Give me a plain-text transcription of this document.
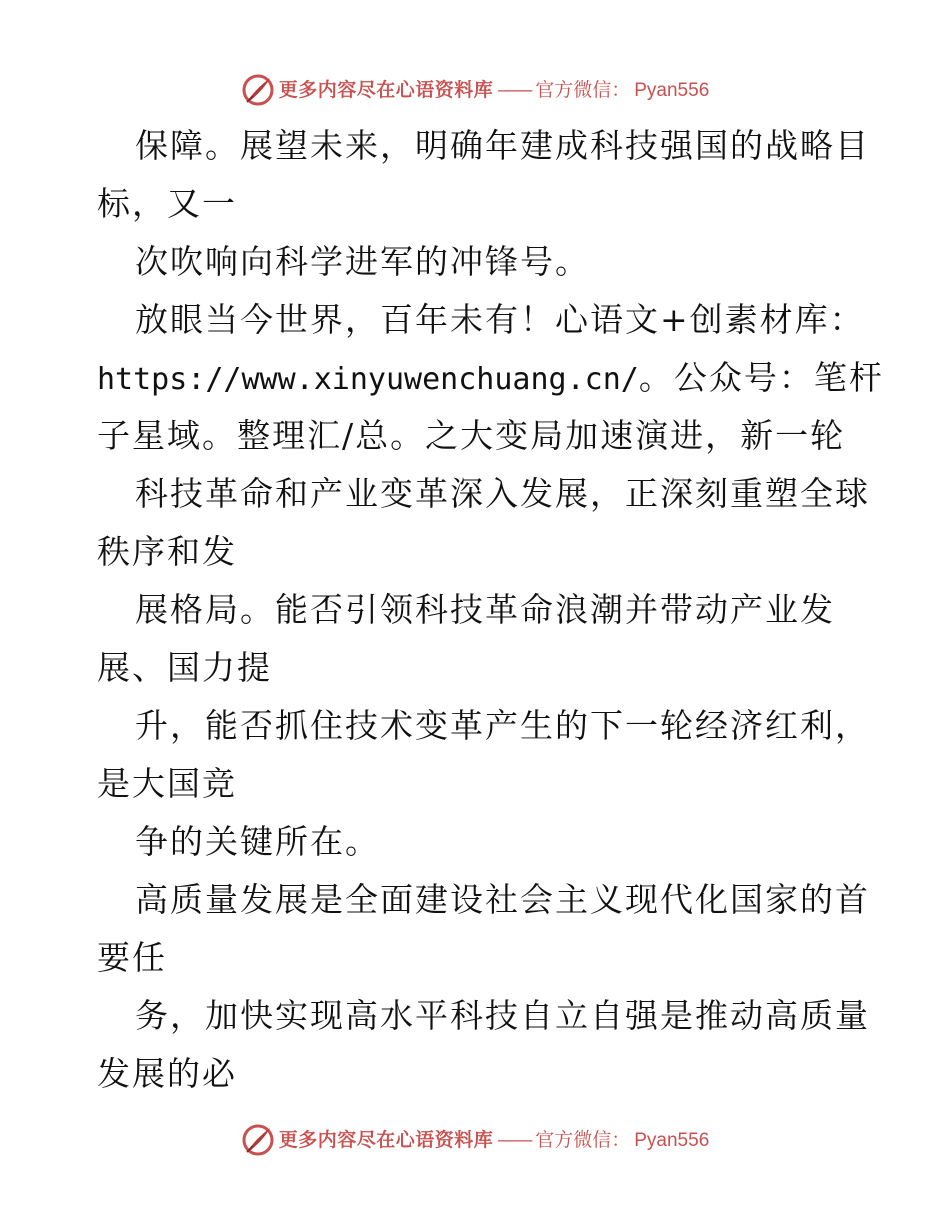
更多内容尽在心语资料库 —— 官方微信： Pyan556
保障。展望未来，明确年建成科技强国的战略目
标，又一
次吹响向科学进军的冲锋号。
放眼当今世界，百年未有！心语文+创素材库：
https://www.xinyuwenchuang.cn/。公众号：笔杆
子星域。整理汇/总。之大变局加速演进，新一轮
科技革命和产业变革深入发展，正深刻重塑全球
秩序和发
展格局。能否引领科技革命浪潮并带动产业发
展、国力提
升，能否抓住技术变革产生的下一轮经济红利，
是大国竞
争的关键所在。
高质量发展是全面建设社会主义现代化国家的首
要任
务，加快实现高水平科技自立自强是推动高质量
发展的必
更多内容尽在心语资料库 —— 官方微信： Pyan556
